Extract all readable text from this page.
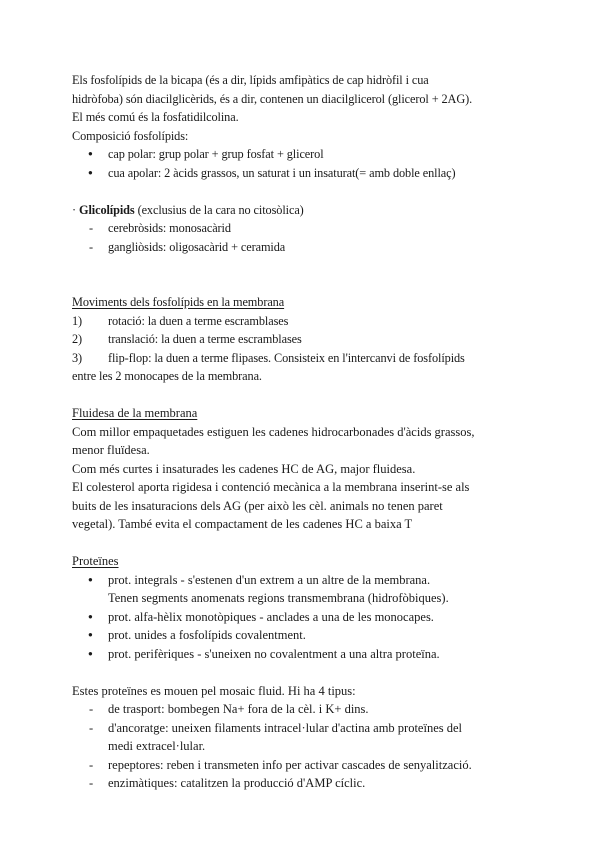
Els fosfolípids de la bicapa (és a dir, lípids amfipàtics de cap hidròfil i cua

hidròfoba) són diacilglicèrids, és a dir, contenen un diacilglicerol (glicerol + 2AG).

El més comú és la fosfatidilcolina.

Composició fosfolípids:

● cap polar: grup polar + grup fosfat + glicerol

● cua apolar: 2 àcids grassos, un saturat i un insaturat(= amb doble enllaç)

· Glicolípids (exclusius de la cara no citosòlica)

- cerebròsids: monosacàrid

- gangliòsids: oligosacàrid + ceramida

Moviments dels fosfolípids en la membrana

1) rotació: la duen a terme escramblases

2) translació: la duen a terme escramblases

3) flip-flop: la duen a terme flipases. Consisteix en l'intercanvi de fosfolípids

entre les 2 monocapes de la membrana.

Fluidesa de la membrana

Com millor empaquetades estiguen les cadenes hidrocarbonades d'àcids grassos,

menor fluïdesa.

Com més curtes i insaturades les cadenes HC de AG, major fluidesa.

El colesterol aporta rigidesa i contenció mecànica a la membrana inserint-se als

buits de les insaturacions dels AG (per això les cèl. animals no tenen paret

vegetal). També evita el compactament de les cadenes HC a baixa T

Proteïnes

● prot. integrals - s'estenen d'un extrem a un altre de la membrana.

Tenen segments anomenats regions transmembrana (hidrofòbiques).

● prot. alfa-hèlix monotòpiques - anclades a una de les monocapes.

● prot. unides a fosfolípids covalentment.

● prot. perifèriques - s'uneixen no covalentment a una altra proteïna.

Estes proteïnes es mouen pel mosaic fluid. Hi ha 4 tipus:

- de trasport: bombegen Na+ fora de la cèl. i K+ dins.

- d'ancoratge: uneixen filaments intracel·lular d'actina amb proteïnes del

medi extracel·lular.

- repeptores: reben i transmeten info per activar cascades de senyalització.

- enzimàtiques: catalitzen la producció d'AMP cíclic.
